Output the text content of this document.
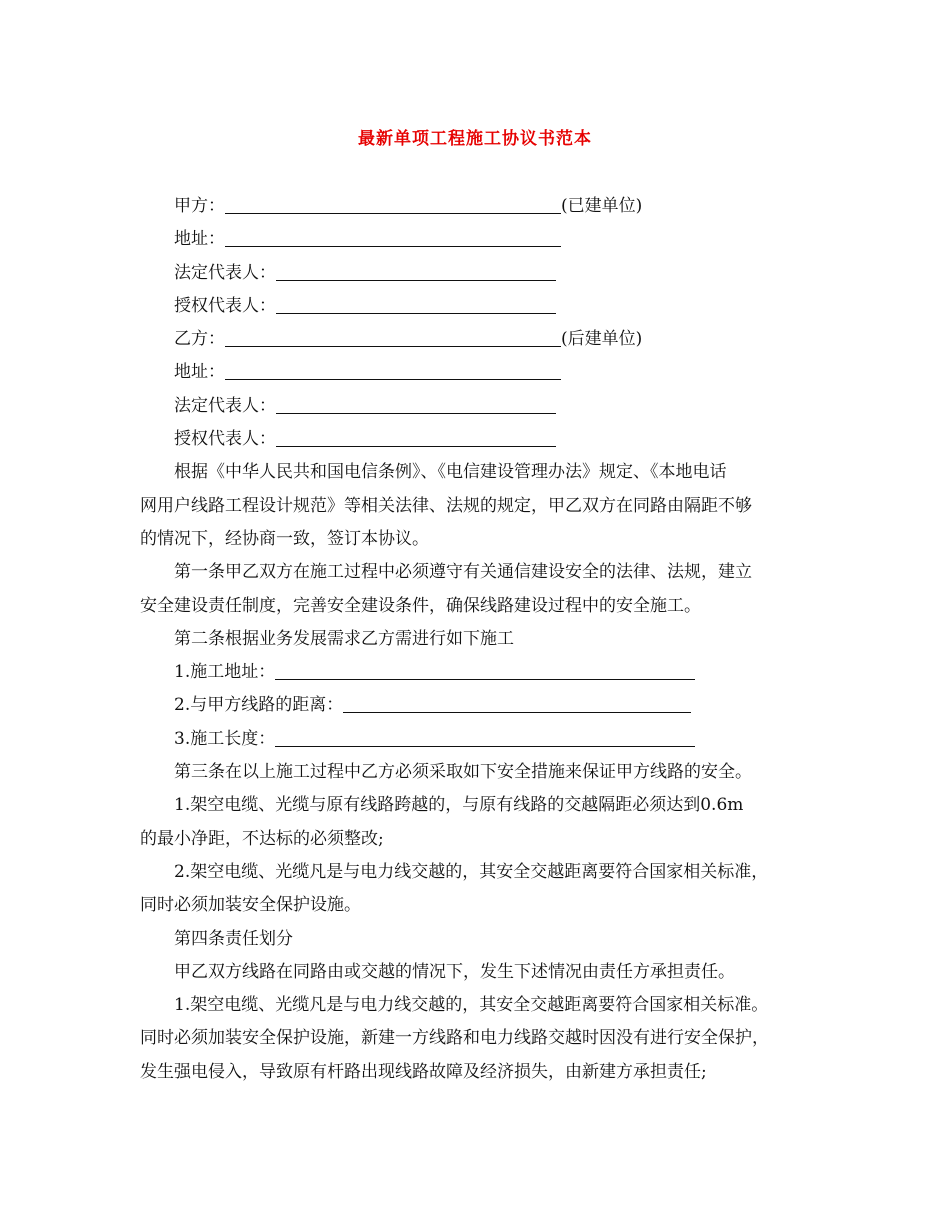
最新单项工程施工协议书范本
甲方：	(已建单位)
地址：
法定代表人：
授权代表人：
乙方：	(后建单位)
地址：
法定代表人：
授权代表人：
根据《中华人民共和国电信条例》、《电信建设管理办法》规定、《本地电话
网用户线路工程设计规范》等相关法律、法规的规定，甲乙双方在同路由隔距不够
的情况下，经协商一致，签订本协议。
第一条甲乙双方在施工过程中必须遵守有关通信建设安全的法律、法规，建立
安全建设责任制度，完善安全建设条件，确保线路建设过程中的安全施工。
第二条根据业务发展需求乙方需进行如下施工
1.施工地址：
2.与甲方线路的距离：
3.施工长度：
第三条在以上施工过程中乙方必须采取如下安全措施来保证甲方线路的安全。
1.架空电缆、光缆与原有线路跨越的，与原有线路的交越隔距必须达到0.6m
的最小净距，不达标的必须整改;
2.架空电缆、光缆凡是与电力线交越的，其安全交越距离要符合国家相关标准，
同时必须加装安全保护设施。
第四条责任划分
甲乙双方线路在同路由或交越的情况下，发生下述情况由责任方承担责任。
1.架空电缆、光缆凡是与电力线交越的，其安全交越距离要符合国家相关标准。
同时必须加装安全保护设施，新建一方线路和电力线路交越时因没有进行安全保护，
发生强电侵入，导致原有杆路出现线路故障及经济损失，由新建方承担责任;
